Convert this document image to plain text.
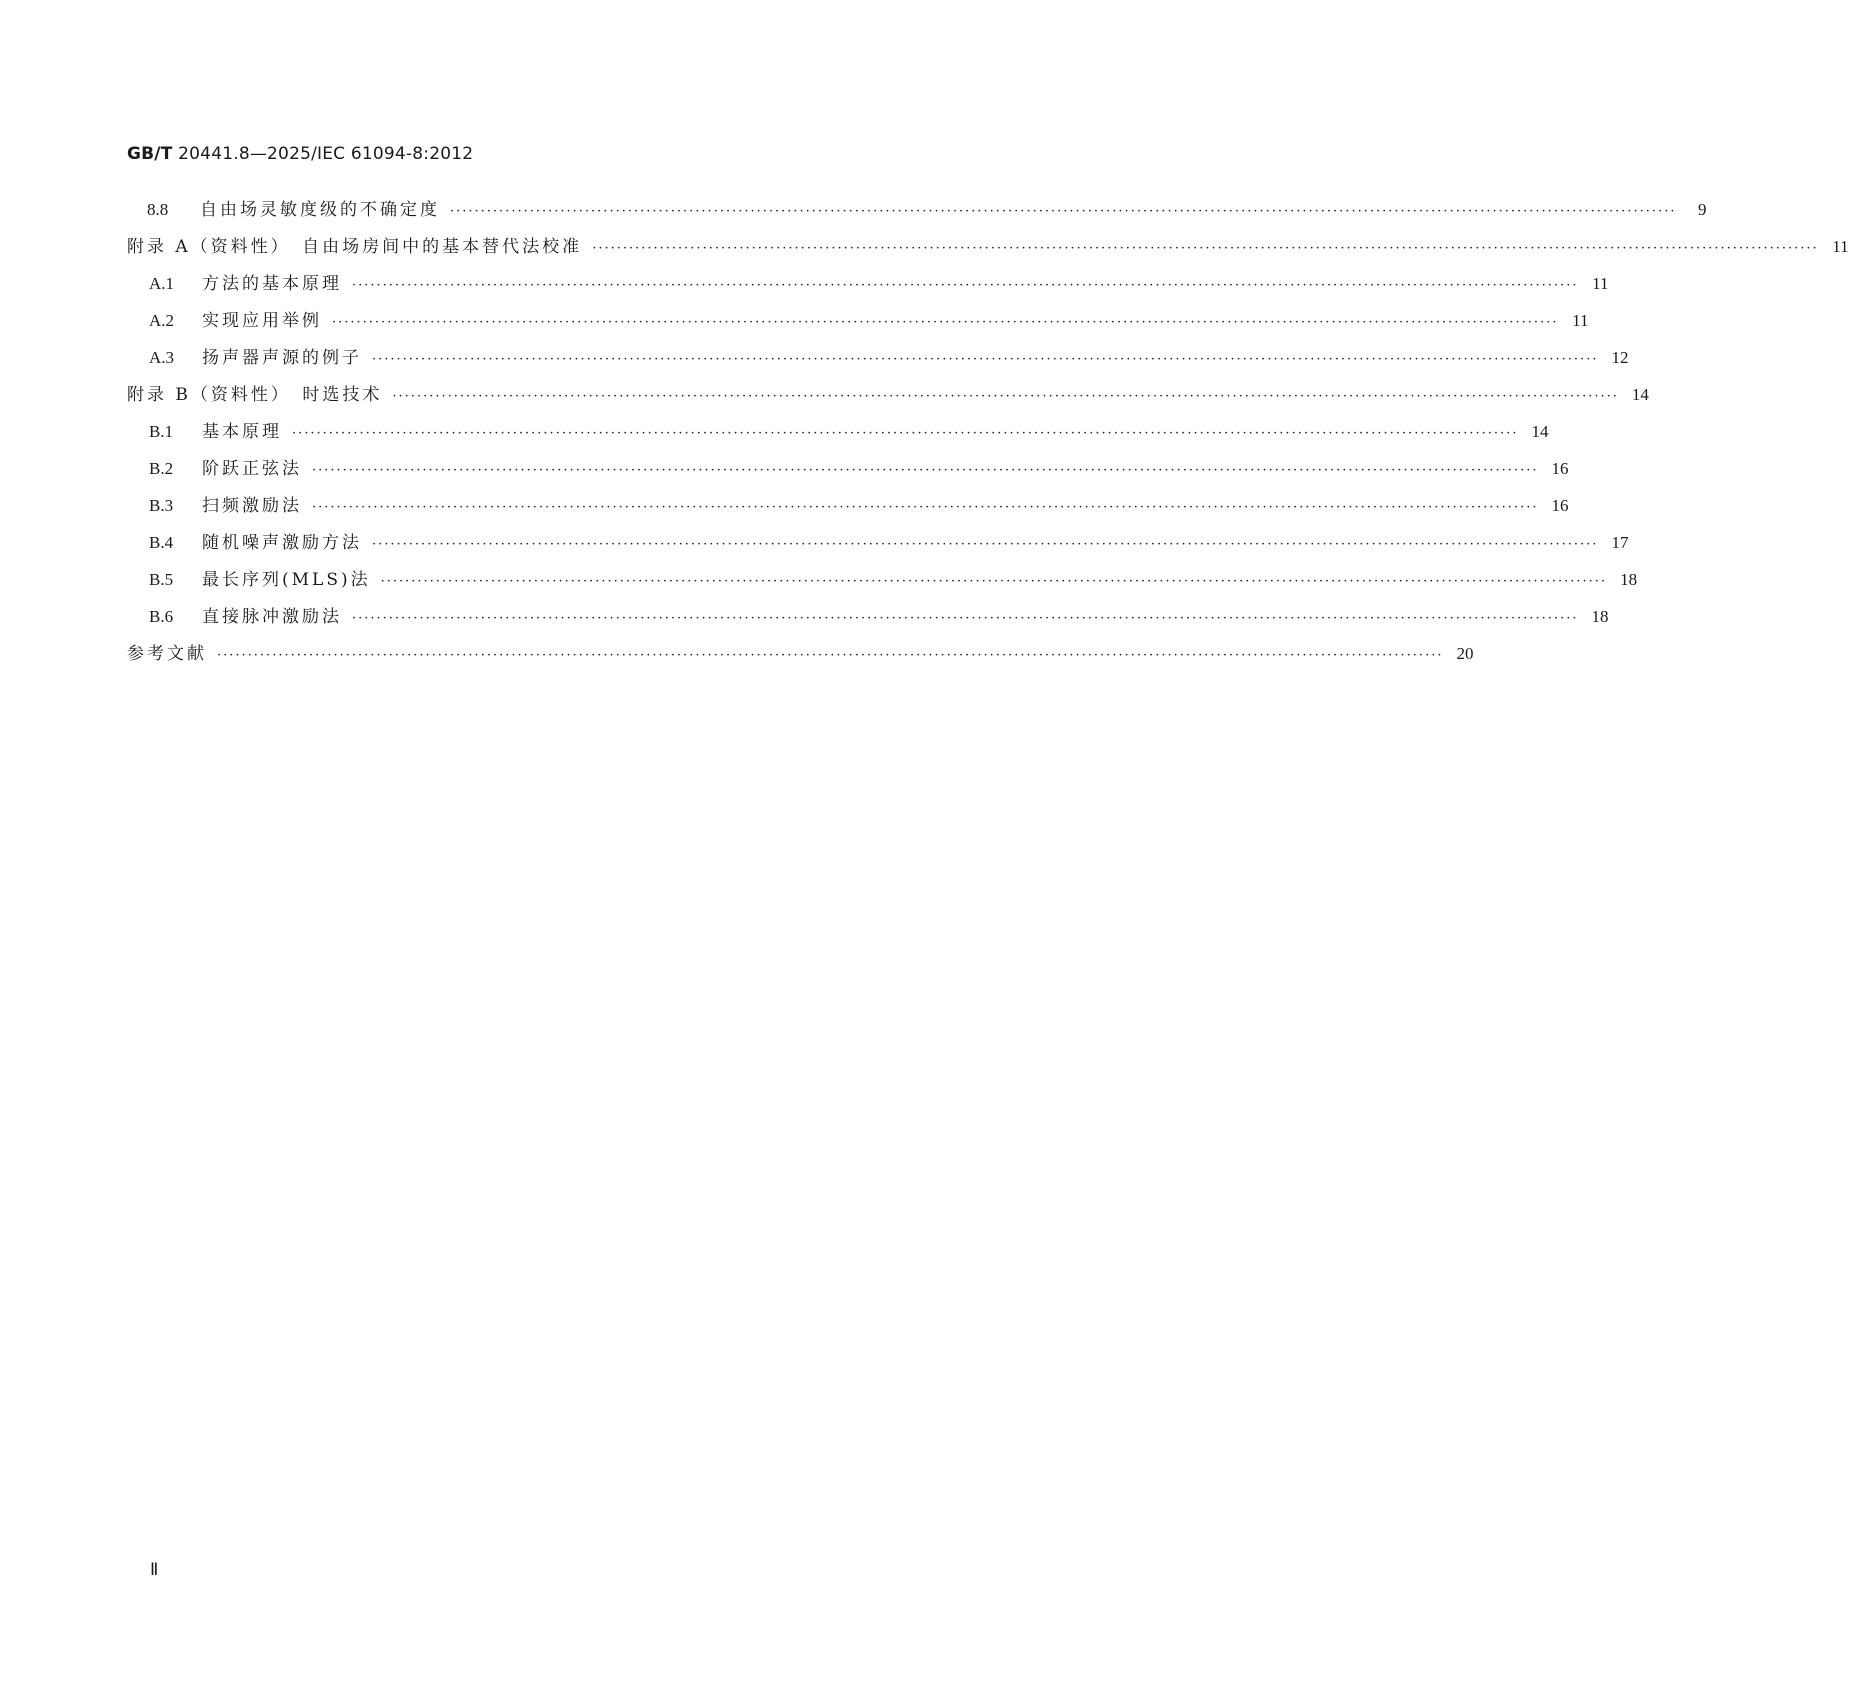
GB/T 20441.8—2025/IEC 61094-8:2012
8.8	自由场灵敏度级的不确定度 ········································································································································································································	9
附录 A（资料性）　自由场房间中的基本替代法校准 ········································································································································································································ 11
A.1	方法的基本原理 ········································································································································································································ 11
A.2	实现应用举例 ········································································································································································································ 11
A.3	扬声器声源的例子 ········································································································································································································ 12
附录 B（资料性）　时选技术 ········································································································································································································ 14
B.1	基本原理 ········································································································································································································ 14
B.2	阶跃正弦法 ········································································································································································································ 16
B.3	扫频激励法 ········································································································································································································ 16
B.4	随机噪声激励方法 ········································································································································································································ 17
B.5	最长序列(MLS)法 ········································································································································································································ 18
B.6	直接脉冲激励法 ········································································································································································································ 18
参考文献 ········································································································································································································ 20
Ⅱ
